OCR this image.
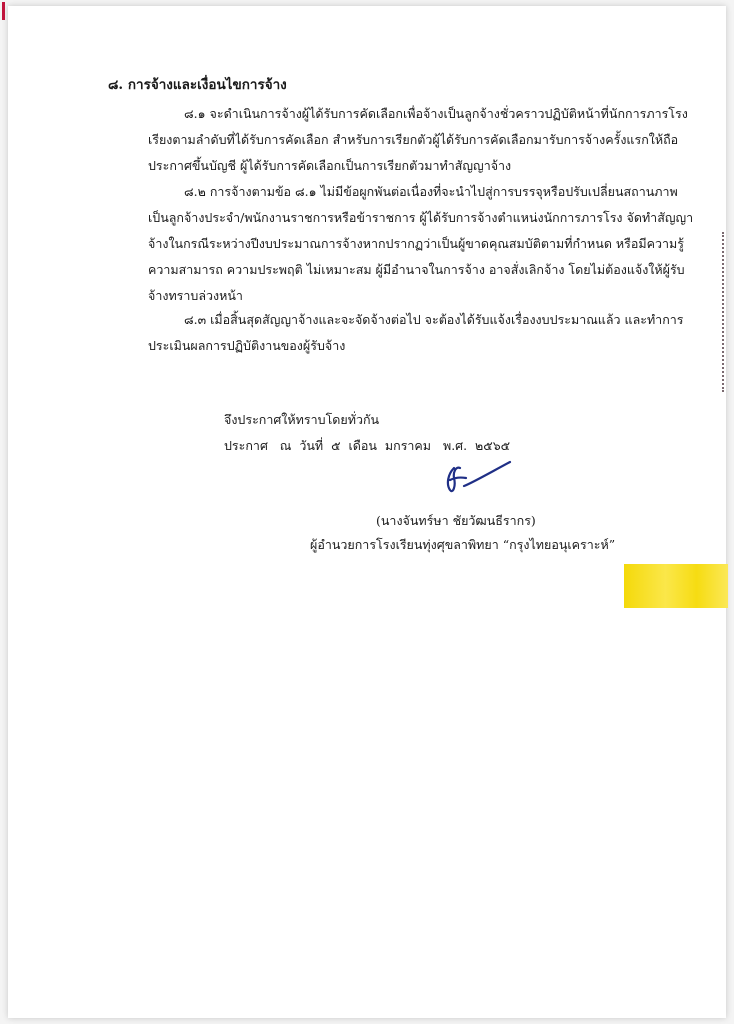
๘. การจ้างและเงื่อนไขการจ้าง
๘.๑ จะดำเนินการจ้างผู้ได้รับการคัดเลือกเพื่อจ้างเป็นลูกจ้างชั่วคราวปฏิบัติหน้าที่นักการภารโรง
เรียงตามลำดับที่ได้รับการคัดเลือก สำหรับการเรียกตัวผู้ได้รับการคัดเลือกมารับการจ้างครั้งแรกให้ถือ
ประกาศขึ้นบัญชี ผู้ได้รับการคัดเลือกเป็นการเรียกตัวมาทำสัญญาจ้าง
๘.๒ การจ้างตามข้อ ๘.๑ ไม่มีข้อผูกพันต่อเนื่องที่จะนำไปสู่การบรรจุหรือปรับเปลี่ยนสถานภาพ
เป็นลูกจ้างประจำ/พนักงานราชการหรือข้าราชการ ผู้ได้รับการจ้างตำแหน่งนักการภารโรง จัดทำสัญญา
จ้างในกรณีระหว่างปีงบประมาณการจ้างหากปรากฏว่าเป็นผู้ขาดคุณสมบัติตามที่กำหนด หรือมีความรู้
ความสามารถ ความประพฤติ ไม่เหมาะสม ผู้มีอำนาจในการจ้าง อาจสั่งเลิกจ้าง โดยไม่ต้องแจ้งให้ผู้รับ
จ้างทราบล่วงหน้า
๘.๓ เมื่อสิ้นสุดสัญญาจ้างและจะจัดจ้างต่อไป จะต้องได้รับแจ้งเรื่องงบประมาณแล้ว และทำการ
ประเมินผลการปฏิบัติงานของผู้รับจ้าง
จึงประกาศให้ทราบโดยทั่วกัน
ประกาศ   ณ  วันที่  ๕  เดือน  มกราคม   พ.ศ.  ๒๕๖๕
(นางจันทร์ษา ชัยวัฒนธีรากร)
ผู้อำนวยการโรงเรียนทุ่งศุขลาพิทยา “กรุงไทยอนุเคราะห์”
